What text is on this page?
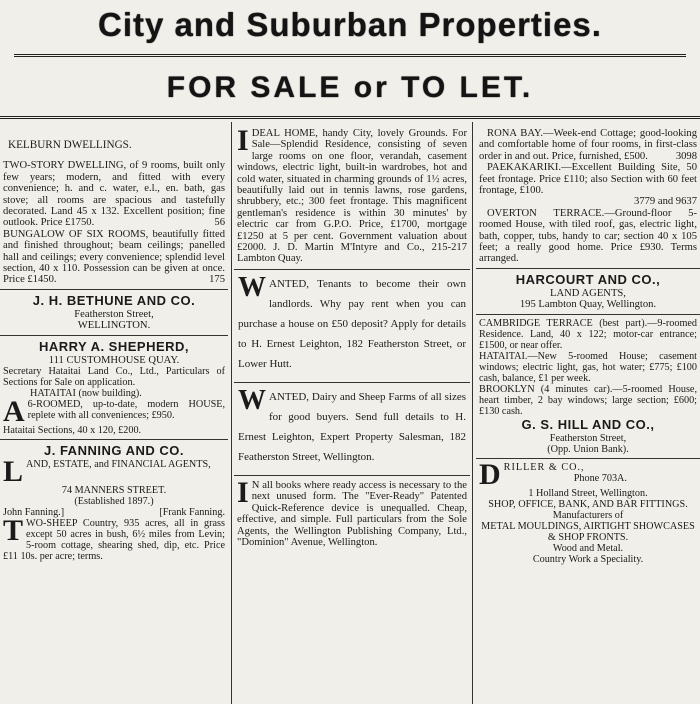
City and Suburban Properties.
FOR SALE or TO LET.
KELBURN DWELLINGS.
TWO-STORY DWELLING, of 9 rooms, built only few years; modern, and fitted with every convenience; h. and c. water, e.l., en. bath, gas stove; all rooms are spacious and tastefully decorated. Land 45 x 132. Excellent position; fine outlook. Price £1750.	56
BUNGALOW OF SIX ROOMS, beautifully fitted and finished throughout; beam ceilings; panelled hall and ceilings; every convenience; splendid level section, 40 x 110. Possession can be given at once. Price £1450.	175
J. H. BETHUNE AND CO.
Featherston Street,
WELLINGTON.
HARRY A. SHEPHERD,
111 CUSTOMHOUSE QUAY.
Secretary Hataitai Land Co., Ltd., Particulars of Sections for Sale on application.
HATAITAI (now building).
A 6-ROOMED, up-to-date, modern HOUSE, replete with all conveniences; £950.
Hataitai Sections, 40 x 120, £200.
J. FANNING AND CO.
L AND, ESTATE, and FINANCIAL AGENTS,
74 MANNERS STREET.
(Established 1897.)
John Fanning.]	[Frank Fanning.
T WO-SHEEP Country, 935 acres, all in grass except 50 acres in bush, 6½ miles from Levin; 5-room cottage, shearing shed, dip, etc. Price £11 10s. per acre; terms.
I DEAL HOME, handy City, lovely Grounds. For Sale—Splendid Residence, consisting of seven large rooms on one floor, verandah, casement windows, electric light, built-in wardrobes, hot and cold water, situated in charming grounds of 1½ acres, beautifully laid out in tennis lawns, rose gardens, shrubbery, etc.; 300 feet frontage. This magnificent gentleman's residence is within 30 minutes' by electric car from G.P.O. Price, £1700, mortgage £1250 at 5 per cent. Government valuation about £2000. J. D. Martin M'Intyre and Co., 215-217 Lambton Quay.
W ANTED, Tenants to become their own landlords. Why pay rent when you can purchase a house on £50 deposit? Apply for details to H. Ernest Leighton, 182 Featherston Street, or Lower Hutt.
W ANTED, Dairy and Sheep Farms of all sizes for good buyers. Send full details to H. Ernest Leighton, Expert Property Salesman, 182 Featherston Street, Wellington.
I N all books where ready access is necessary to the next unused form. The "Ever-Ready" Patented Quick-Reference device is unequalled. Cheap, effective, and simple. Full particulars from the Sole Agents, the Wellington Publishing Company, Ltd., "Dominion" Avenue, Wellington.
RONA BAY.—Week-end Cottage; good-looking and comfortable home of four rooms, in first-class order in and out. Price, furnished, £500.	3098
PAEKAKARIKI.—Excellent Building Site, 50 feet frontage. Price £110; also Section with 60 feet frontage, £100.
3779 and 9637
OVERTON TERRACE.—Ground-floor 5-roomed House, with tiled roof, gas, electric light, bath, copper, tubs, handy to car; section 40 x 105 feet; a really good home. Price £930. Terms arranged.
HARCOURT AND CO.,
LAND AGENTS,
195 Lambton Quay, Wellington.
CAMBRIDGE TERRACE (best part).—9-roomed Residence. Land, 40 x 122; motor-car entrance; £1500, or near offer.
HATAITAI.—New 5-roomed House; casement windows; electric light, gas, hot water; £775; £100 cash, balance, £1 per week.
BROOKLYN (4 minutes car).—5-roomed House, heart timber, 2 bay windows; large section; £600; £130 cash.
G. S. HILL AND CO.,
Featherston Street,
(Opp. Union Bank).
D RILLER & CO.,
Phone 703A.
1 Holland Street, Wellington.
SHOP, OFFICE, BANK, AND BAR FITTINGS.
Manufacturers of
METAL MOULDINGS, AIRTIGHT SHOWCASES & SHOP FRONTS.
Wood and Metal.
Country Work a Speciality.
